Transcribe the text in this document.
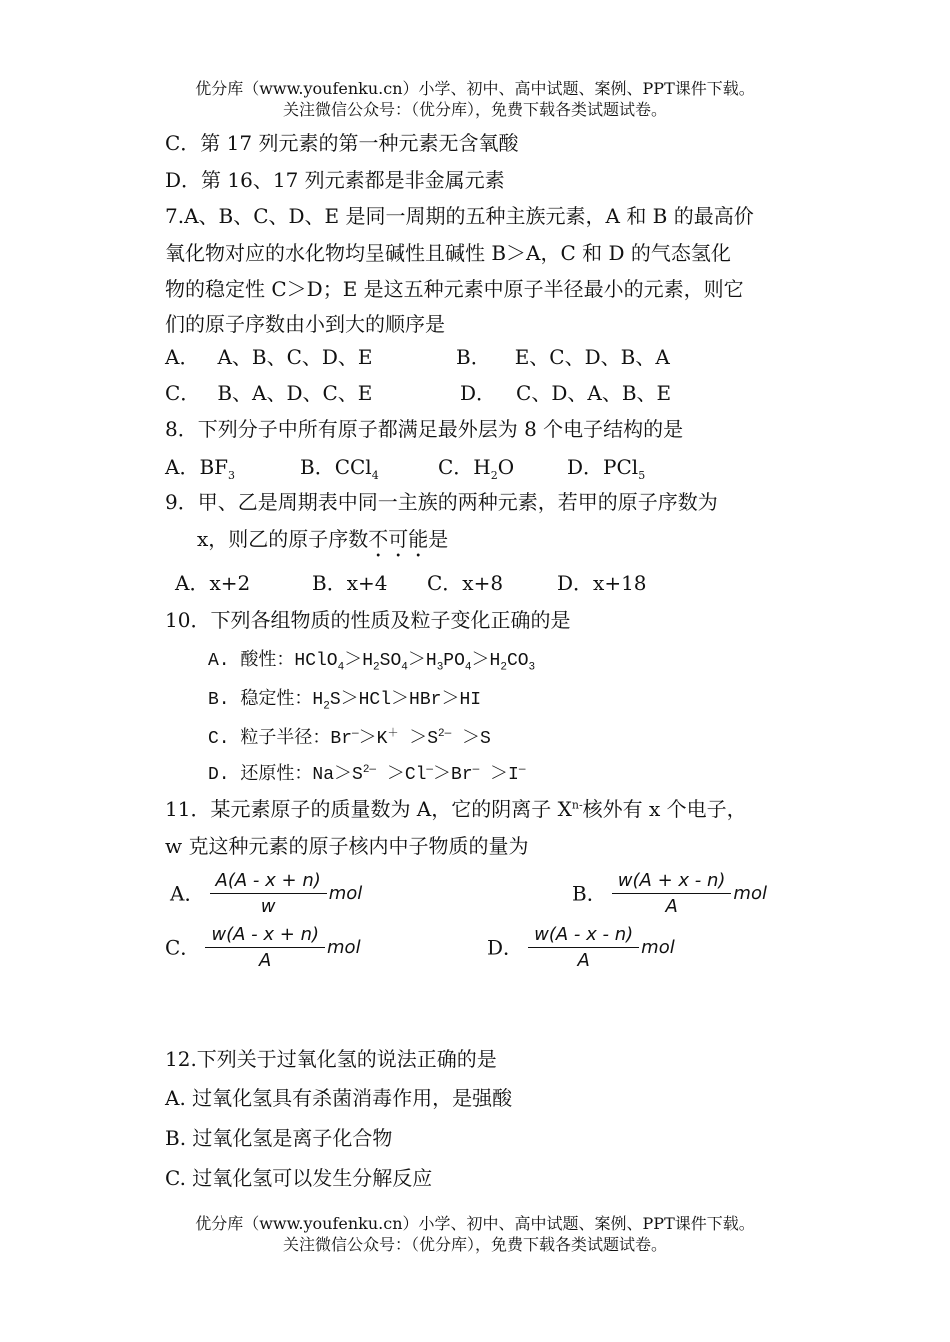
优分库（www.youfenku.cn）小学、初中、高中试题、案例、PPT课件下载。
关注微信公众号：（优分库），免费下载各类试题试卷。
C．第 17 列元素的第一种元素无含氧酸
D．第 16、17 列元素都是非金属元素
7.A、B、C、D、E 是同一周期的五种主族元素，A 和 B 的最高价
氧化物对应的水化物均呈碱性且碱性 B＞A，C 和 D 的气态氢化
物的稳定性 C＞D；E 是这五种元素中原子半径最小的元素，则它
们的原子序数由小到大的顺序是
A． A、B、C、D、E	B． E、C、D、B、A
C． B、A、D、C、E	D． C、D、A、B、E
8．下列分子中所有原子都满足最外层为 8 个电子结构的是
A．$BF_3$	B．CCl$_4$	C．$H_2O$	D．PCl$_5$
9．甲、乙是周期表中同一主族的两种元素，若甲的原子序数为
x，则乙的原子序数不可能是
A．x+2	B．x+4 C．x+8	D．x+18
10．下列各组物质的性质及粒子变化正确的是
A. 酸性：$HClO_4>H_2SO_4>H_3PO_4>H_2CO_3$
B. 稳定性：$H_2S>HCl>HBr>HI$
C. 粒子半径：$Br^—>K^+ >S^{2—} >S$
D. 还原性：$Na>S^{2—} >Cl^—>Br^— >I^—$
11．某元素原子的质量数为 A，它的阴离子 $X^{n-}$核外有 x 个电子，
w 克这种元素的原子核内中子物质的量为
A． $\frac{A(A - x + n)}{w}$ mol	B． $\frac{w(A + x - n)}{A}$ mol
C． $\frac{w(A - x + n)}{A}$ mol	D． $\frac{w(A - x - n)}{A}$ mol
12.下列关于过氧化氢的说法正确的是
A. 过氧化氢具有杀菌消毒作用，是强酸
B. 过氧化氢是离子化合物
C. 过氧化氢可以发生分解反应
优分库（www.youfenku.cn）小学、初中、高中试题、案例、PPT课件下载。
关注微信公众号：（优分库），免费下载各类试题试卷。
